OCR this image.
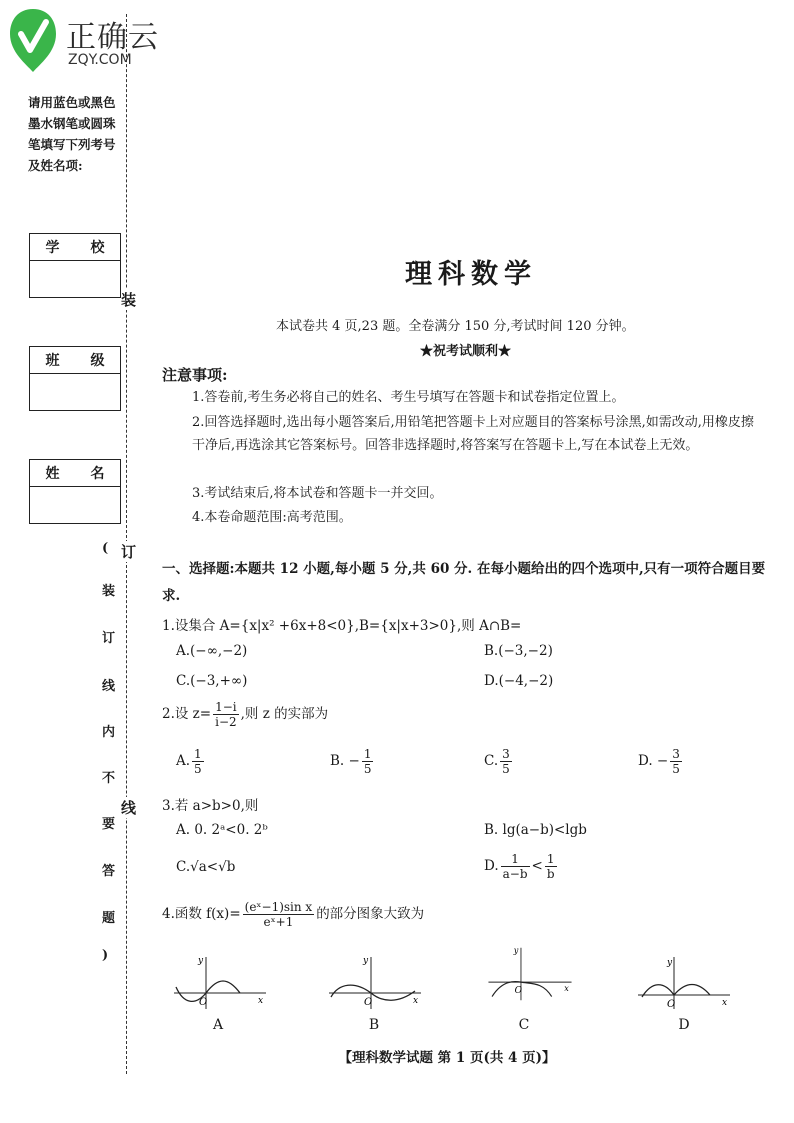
正确云
ZQY.COM
请用蓝色或黑色
墨水钢笔或圆珠
笔填写下列考号
及姓名项:
学 校
班 级
姓 名
装
订
线
(
装
订
线
内
不
要
答
题
)
理科数学
本试卷共 4 页,23 题。全卷满分 150 分,考试时间 120 分钟。
★祝考试顺利★
注意事项:
1.答卷前,考生务必将自己的姓名、考生号填写在答题卡和试卷指定位置上。
2.回答选择题时,选出每小题答案后,用铅笔把答题卡上对应题目的答案标号涂黑,如需改动,用橡皮擦干净后,再选涂其它答案标号。回答非选择题时,将答案写在答题卡上,写在本试卷上无效。
3.考试结束后,将本试卷和答题卡一并交回。
4.本卷命题范围:高考范围。
一、选择题:本题共 12 小题,每小题 5 分,共 60 分. 在每小题给出的四个选项中,只有一项符合题目要求.
1.设集合 A={x|x² +6x+8<0},B={x|x+3>0},则 A∩B=
A.(−∞,−2)	B.(−3,−2)
C.(−3,+∞)	D.(−4,−2)
2.设 $z= \frac{1-i}{i-2}$ ,则 z 的实部为
A. $\frac{1}{5}$	B. − $\frac{1}{5}$	C. $\frac{3}{5}$	D. − $\frac{3}{5}$
3.若 a>b>0,则
A. 0. 2ᵃ<0. 2ᵇ	B. lg(a−b)<lgb
C.√a<√b	D. $\frac{1}{a-b} < \frac{1}{b}$
4.函数 $f(x)= \frac{\text{(eˣ−1)sin x}}{\text{eˣ+1}}$ 的部分图象大致为
y
x
O
A
y
x
O
B
y
x
O
C
y
x
O
D
【理科数学试题 第 1 页(共 4 页)】
